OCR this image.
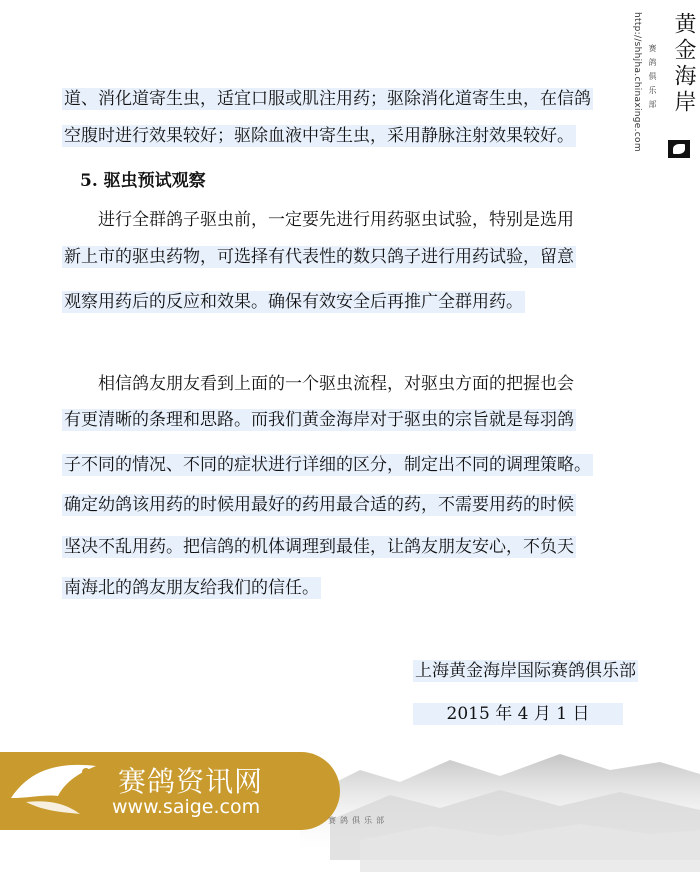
http://shhjha.chinaxinge.com 赛鸽俱乐部 黄金海岸
道、消化道寄生虫，适宜口服或肌注用药；驱除消化道寄生虫，在信鸽
空腹时进行效果较好；驱除血液中寄生虫，采用静脉注射效果较好。
5. 驱虫预试观察
进行全群鸽子驱虫前，一定要先进行用药驱虫试验，特别是选用
新上市的驱虫药物，可选择有代表性的数只鸽子进行用药试验，留意
观察用药后的反应和效果。确保有效安全后再推广全群用药。
相信鸽友朋友看到上面的一个驱虫流程，对驱虫方面的把握也会
有更清晰的条理和思路。而我们黄金海岸对于驱虫的宗旨就是每羽鸽
子不同的情况、不同的症状进行详细的区分，制定出不同的调理策略。
确定幼鸽该用药的时候用最好的药用最合适的药，不需要用药的时候
坚决不乱用药。把信鸽的机体调理到最佳，让鸽友朋友安心，不负天
南海北的鸽友朋友给我们的信任。
上海黄金海岸国际赛鸽俱乐部
2015 年 4 月 1 日
赛鸽资讯网
www.saige.com
赛鸽俱乐部
